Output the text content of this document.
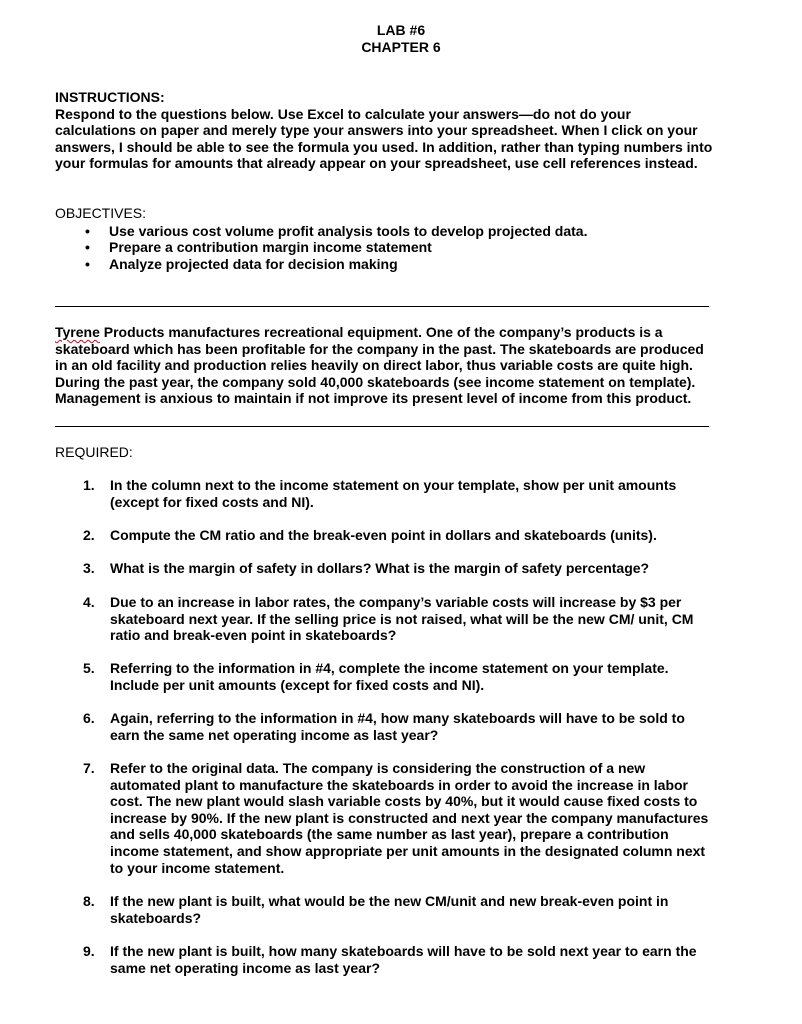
LAB #6
CHAPTER 6
INSTRUCTIONS:

Respond to the questions below. Use Excel to calculate your answers—do not do your calculations on paper and merely type your answers into your spreadsheet. When I click on your answers, I should be able to see the formula you used. In addition, rather than typing numbers into your formulas for amounts that already appear on your spreadsheet, use cell references instead.

OBJECTIVES:
• Use various cost volume profit analysis tools to develop projected data.
• Prepare a contribution margin income statement
• Analyze projected data for decision making

Tyrene Products manufactures recreational equipment. One of the company’s products is a skateboard which has been profitable for the company in the past. The skateboards are produced in an old facility and production relies heavily on direct labor, thus variable costs are quite high. During the past year, the company sold 40,000 skateboards (see income statement on template). Management is anxious to maintain if not improve its present level of income from this product.

REQUIRED:
1. In the column next to the income statement on your template, show per unit amounts (except for fixed costs and NI).
2. Compute the CM ratio and the break-even point in dollars and skateboards (units).
3. What is the margin of safety in dollars? What is the margin of safety percentage?
4. Due to an increase in labor rates, the company’s variable costs will increase by $3 per skateboard next year. If the selling price is not raised, what will be the new CM/ unit, CM ratio and break-even point in skateboards?
5. Referring to the information in #4, complete the income statement on your template. Include per unit amounts (except for fixed costs and NI).
6. Again, referring to the information in #4, how many skateboards will have to be sold to earn the same net operating income as last year?
7. Refer to the original data. The company is considering the construction of a new automated plant to manufacture the skateboards in order to avoid the increase in labor cost. The new plant would slash variable costs by 40%, but it would cause fixed costs to increase by 90%. If the new plant is constructed and next year the company manufactures and sells 40,000 skateboards (the same number as last year), prepare a contribution income statement, and show appropriate per unit amounts in the designated column next to your income statement.
8. If the new plant is built, what would be the new CM/unit and new break-even point in skateboards?
9. If the new plant is built, how many skateboards will have to be sold next year to earn the same net operating income as last year?
